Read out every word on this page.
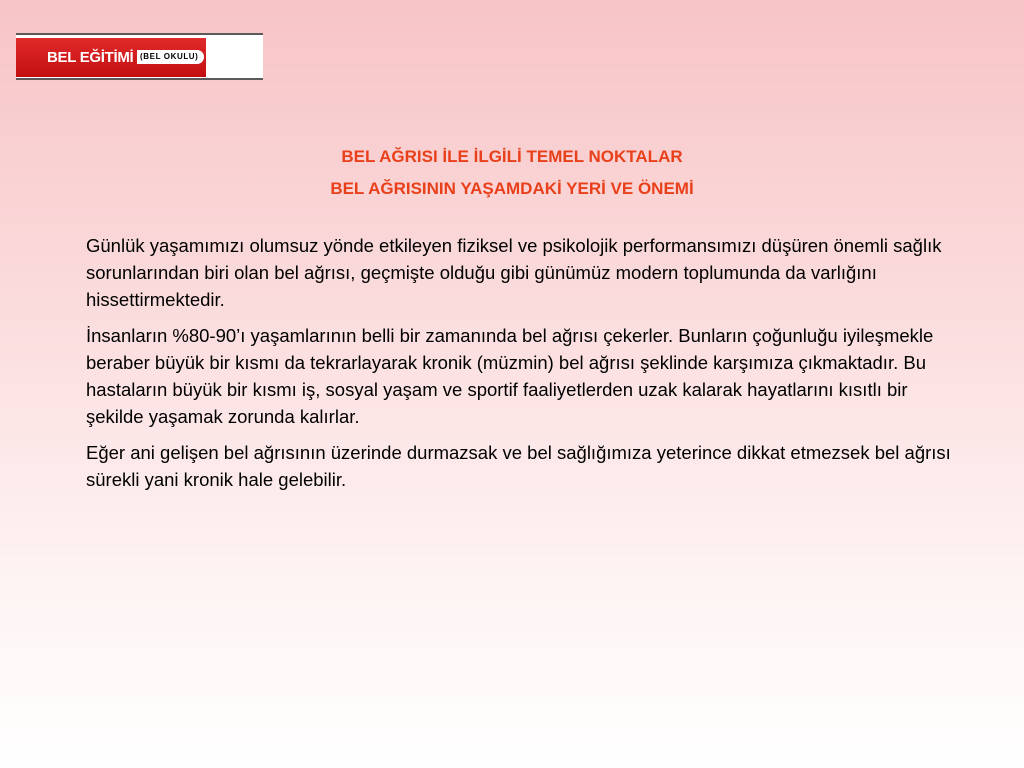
BEL EĞİTİMİ (BEL OKULU)
BEL AĞRISI İLE İLGİLİ TEMEL NOKTALAR
BEL AĞRISININ YAŞAMDAKİ YERİ VE ÖNEMİ

Günlük yaşamımızı olumsuz yönde etkileyen fiziksel ve psikolojik performansımızı düşüren önemli sağlık sorunlarından biri olan bel ağrısı, geçmişte olduğu gibi günümüz modern toplumunda da varlığını hissettirmektedir.

İnsanların %80-90’ı yaşamlarının belli bir zamanında bel ağrısı çekerler. Bunların çoğunluğu iyileşmekle beraber büyük bir kısmı da tekrarlayarak kronik (müzmin) bel ağrısı şeklinde karşımıza çıkmaktadır. Bu hastaların büyük bir kısmı iş, sosyal yaşam ve sportif faaliyetlerden uzak kalarak hayatlarını kısıtlı bir şekilde yaşamak zorunda kalırlar.

Eğer ani gelişen bel ağrısının üzerinde durmazsak ve bel sağlığımıza yeterince dikkat etmezsek bel ağrısı sürekli yani kronik hale gelebilir.
